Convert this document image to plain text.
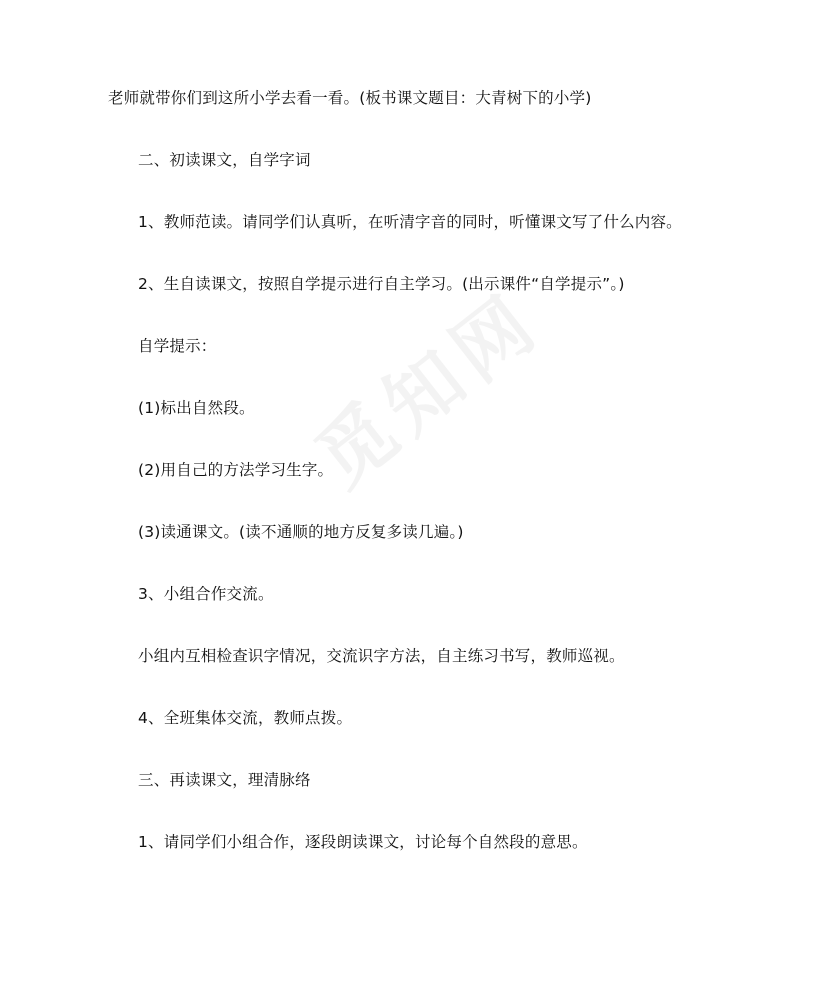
老师就带你们到这所小学去看一看。(板书课文题目：大青树下的小学)
二、初读课文，自学字词
1、教师范读。请同学们认真听，在听清字音的同时，听懂课文写了什么内容。
2、生自读课文，按照自学提示进行自主学习。(出示课件“自学提示”。)
自学提示：
(1)标出自然段。
(2)用自己的方法学习生字。
(3)读通课文。(读不通顺的地方反复多读几遍。)
3、小组合作交流。
小组内互相检查识字情况，交流识字方法，自主练习书写，教师巡视。
4、全班集体交流，教师点拨。
三、再读课文，理清脉络
1、请同学们小组合作，逐段朗读课文，讨论每个自然段的意思。
